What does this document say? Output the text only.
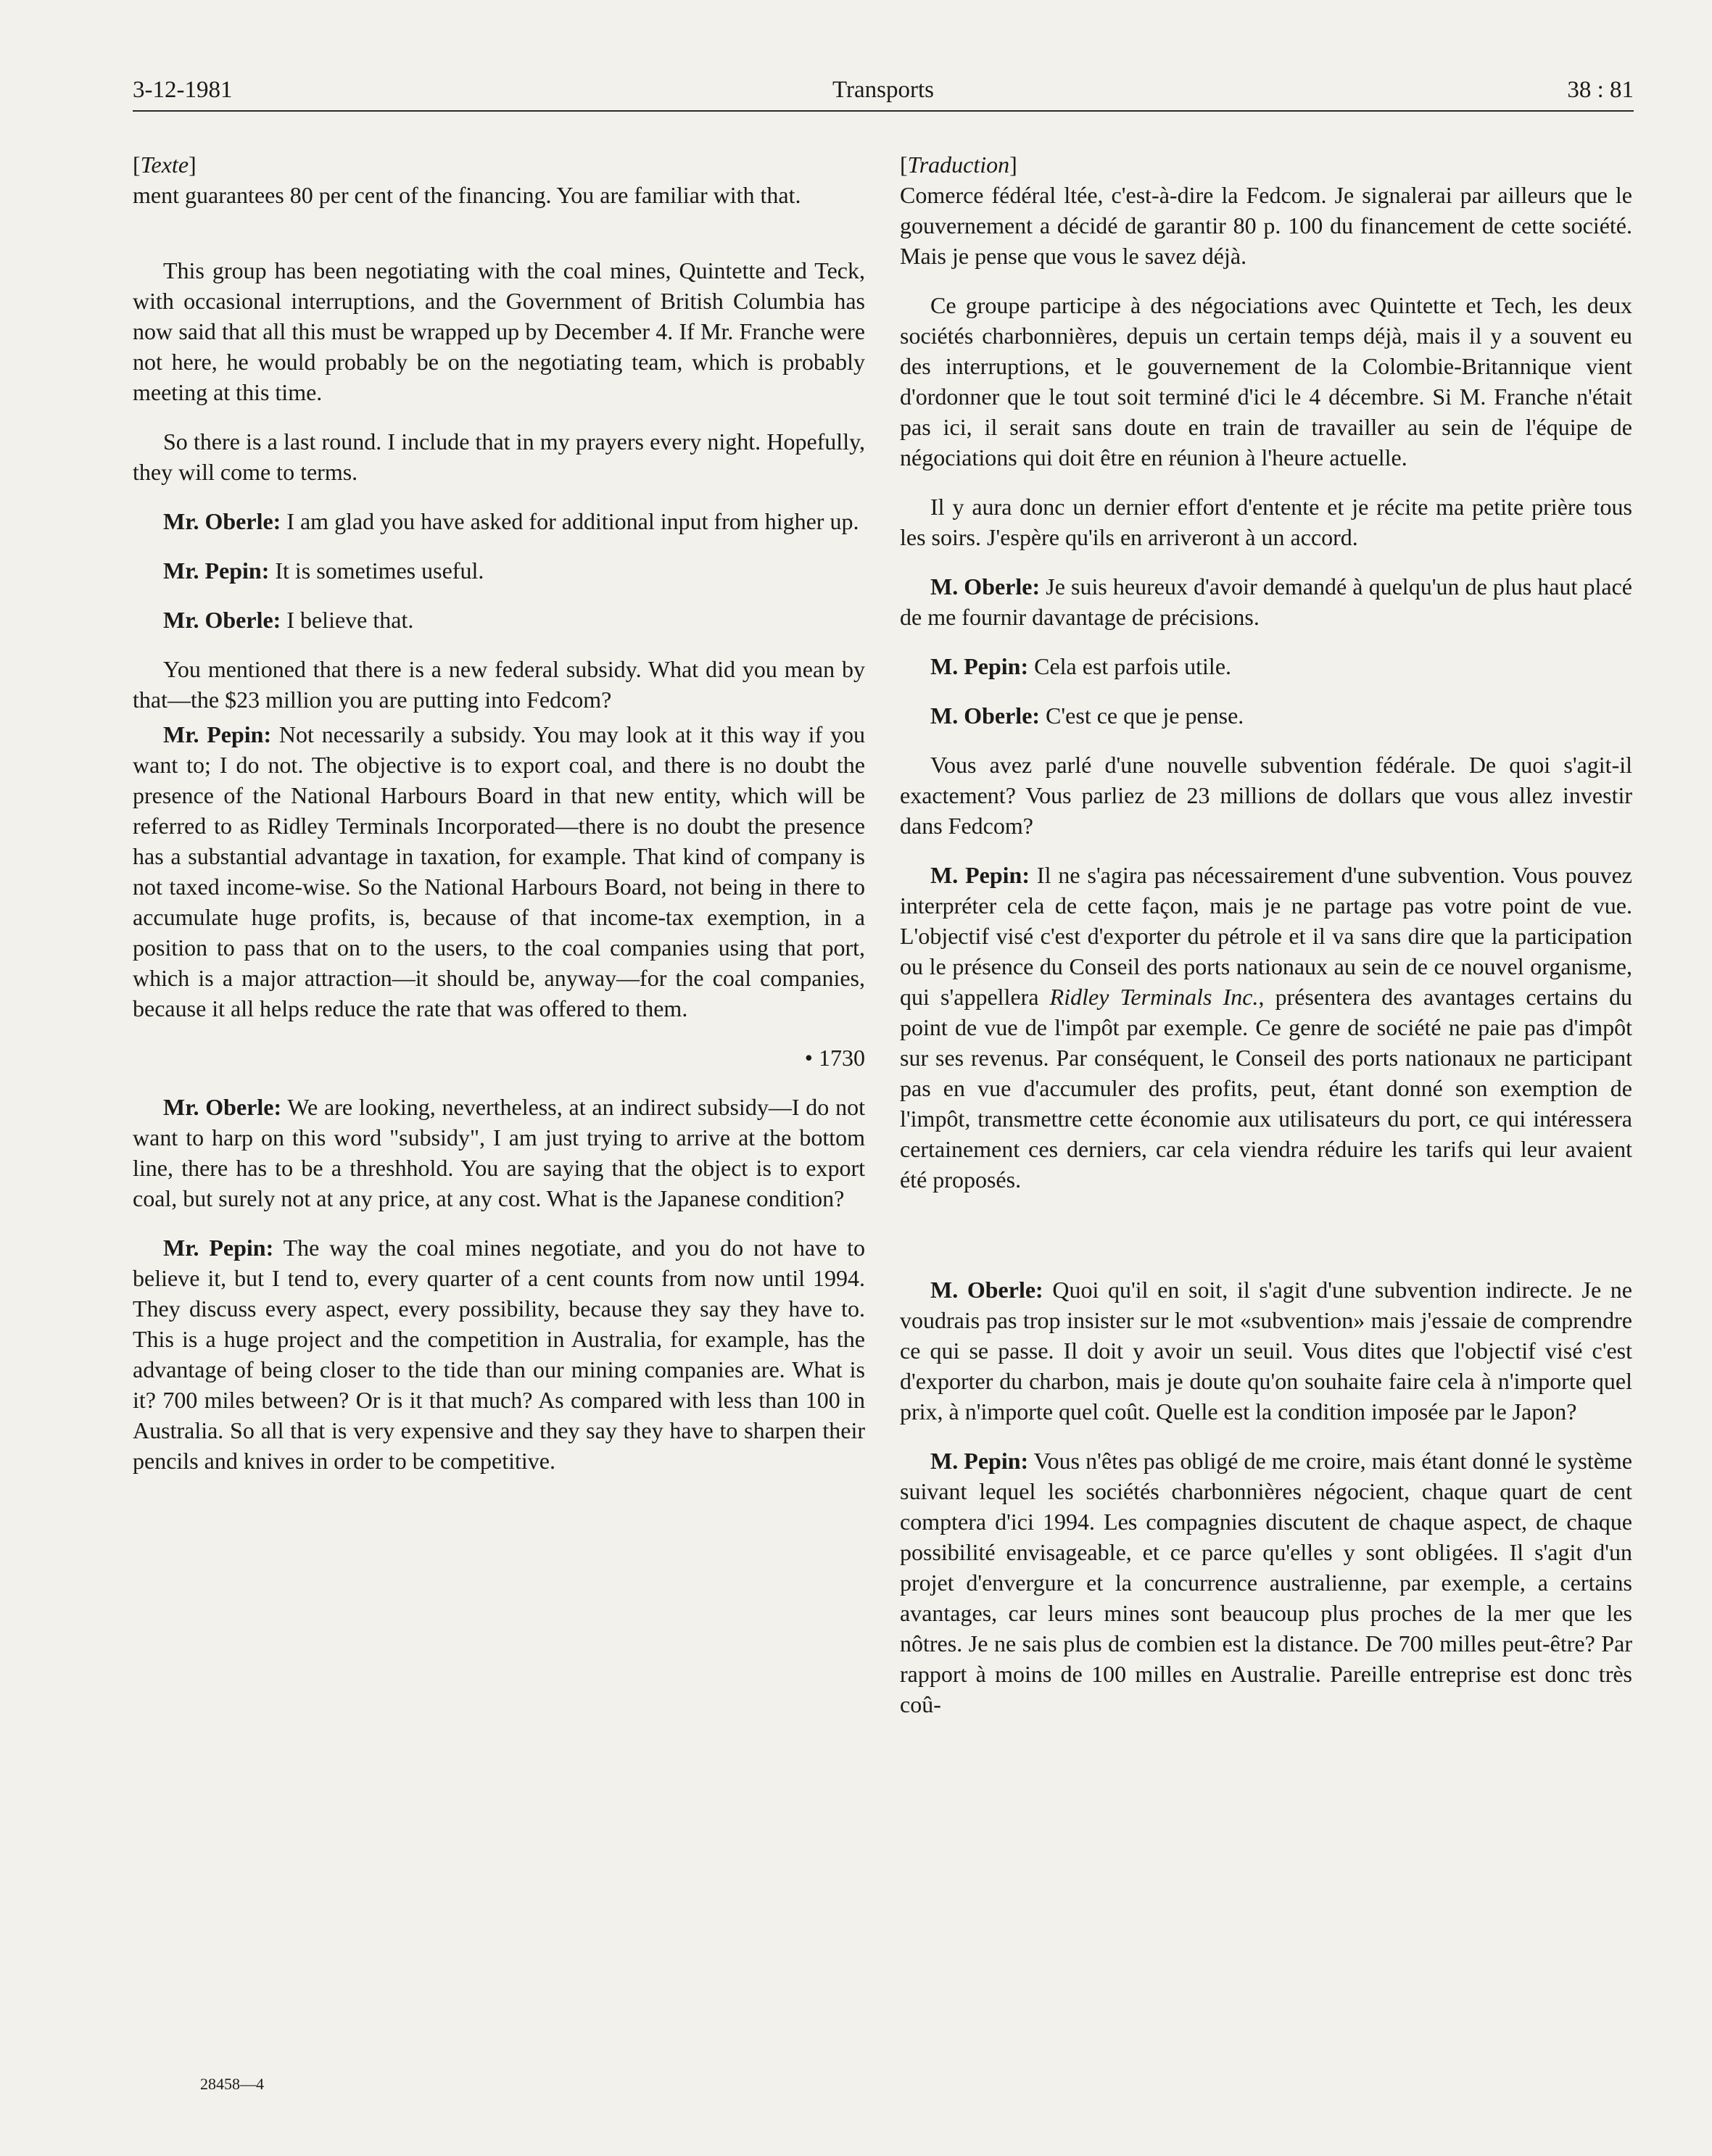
3-12-1981	Transports	38 : 81

[Texte]

ment guarantees 80 per cent of the financing. You are familiar with that.

This group has been negotiating with the coal mines, Quintette and Teck, with occasional interruptions, and the Government of British Columbia has now said that all this must be wrapped up by December 4. If Mr. Franche were not here, he would probably be on the negotiating team, which is probably meeting at this time.

So there is a last round. I include that in my prayers every night. Hopefully, they will come to terms.

Mr. Oberle: I am glad you have asked for additional input from higher up.

Mr. Pepin: It is sometimes useful.

Mr. Oberle: I believe that.

You mentioned that there is a new federal subsidy. What did you mean by that—the $23 million you are putting into Fedcom?

Mr. Pepin: Not necessarily a subsidy. You may look at it this way if you want to; I do not. The objective is to export coal, and there is no doubt the presence of the National Harbours Board in that new entity, which will be referred to as Ridley Terminals Incorporated—there is no doubt the presence has a substantial advantage in taxation, for example. That kind of company is not taxed income-wise. So the National Harbours Board, not being in there to accumulate huge profits, is, because of that income-tax exemption, in a position to pass that on to the users, to the coal companies using that port, which is a major attraction—it should be, anyway—for the coal companies, because it all helps reduce the rate that was offered to them.

• 1730

Mr. Oberle: We are looking, nevertheless, at an indirect subsidy—I do not want to harp on this word "subsidy", I am just trying to arrive at the bottom line, there has to be a threshhold. You are saying that the object is to export coal, but surely not at any price, at any cost. What is the Japanese condition?

Mr. Pepin: The way the coal mines negotiate, and you do not have to believe it, but I tend to, every quarter of a cent counts from now until 1994. They discuss every aspect, every possibility, because they say they have to. This is a huge project and the competition in Australia, for example, has the advantage of being closer to the tide than our mining companies are. What is it? 700 miles between? Or is it that much? As compared with less than 100 in Australia. So all that is very expensive and they say they have to sharpen their pencils and knives in order to be competitive.

[Traduction]

Comerce fédéral ltée, c'est-à-dire la Fedcom. Je signalerai par ailleurs que le gouvernement a décidé de garantir 80 p. 100 du financement de cette société. Mais je pense que vous le savez déjà.

Ce groupe participe à des négociations avec Quintette et Tech, les deux sociétés charbonnières, depuis un certain temps déjà, mais il y a souvent eu des interruptions, et le gouvernement de la Colombie-Britannique vient d'ordonner que le tout soit terminé d'ici le 4 décembre. Si M. Franche n'était pas ici, il serait sans doute en train de travailler au sein de l'équipe de négociations qui doit être en réunion à l'heure actuelle.

Il y aura donc un dernier effort d'entente et je récite ma petite prière tous les soirs. J'espère qu'ils en arriveront à un accord.

M. Oberle: Je suis heureux d'avoir demandé à quelqu'un de plus haut placé de me fournir davantage de précisions.

M. Pepin: Cela est parfois utile.

M. Oberle: C'est ce que je pense.

Vous avez parlé d'une nouvelle subvention fédérale. De quoi s'agit-il exactement? Vous parliez de 23 millions de dollars que vous allez investir dans Fedcom?

M. Pepin: Il ne s'agira pas nécessairement d'une subvention. Vous pouvez interpréter cela de cette façon, mais je ne partage pas votre point de vue. L'objectif visé c'est d'exporter du pétrole et il va sans dire que la participation ou le présence du Conseil des ports nationaux au sein de ce nouvel organisme, qui s'appellera Ridley Terminals Inc., présentera des avantages certains du point de vue de l'impôt par exemple. Ce genre de société ne paie pas d'impôt sur ses revenus. Par conséquent, le Conseil des ports nationaux ne participant pas en vue d'accumuler des profits, peut, étant donné son exemption de l'impôt, transmettre cette économie aux utilisateurs du port, ce qui intéressera certainement ces derniers, car cela viendra réduire les tarifs qui leur avaient été proposés.

M. Oberle: Quoi qu'il en soit, il s'agit d'une subvention indirecte. Je ne voudrais pas trop insister sur le mot «subvention» mais j'essaie de comprendre ce qui se passe. Il doit y avoir un seuil. Vous dites que l'objectif visé c'est d'exporter du charbon, mais je doute qu'on souhaite faire cela à n'importe quel prix, à n'importe quel coût. Quelle est la condition imposée par le Japon?

M. Pepin: Vous n'êtes pas obligé de me croire, mais étant donné le système suivant lequel les sociétés charbonnières négocient, chaque quart de cent comptera d'ici 1994. Les compagnies discutent de chaque aspect, de chaque possibilité envisageable, et ce parce qu'elles y sont obligées. Il s'agit d'un projet d'envergure et la concurrence australienne, par exemple, a certains avantages, car leurs mines sont beaucoup plus proches de la mer que les nôtres. Je ne sais plus de combien est la distance. De 700 milles peut-être? Par rapport à moins de 100 milles en Australie. Pareille entreprise est donc très coû-

28458—4
